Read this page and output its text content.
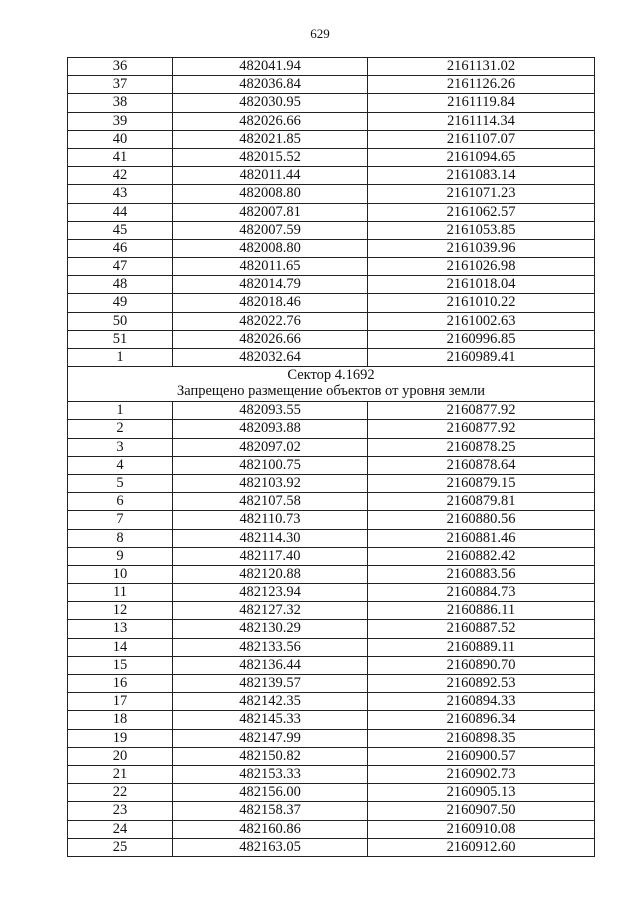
629
36	482041.94	2161131.02
37	482036.84	2161126.26
38	482030.95	2161119.84
39	482026.66	2161114.34
40	482021.85	2161107.07
41	482015.52	2161094.65
42	482011.44	2161083.14
43	482008.80	2161071.23
44	482007.81	2161062.57
45	482007.59	2161053.85
46	482008.80	2161039.96
47	482011.65	2161026.98
48	482014.79	2161018.04
49	482018.46	2161010.22
50	482022.76	2161002.63
51	482026.66	2160996.85
1	482032.64	2160989.41

Сектор 4.1692
Запрещено размещение объектов от уровня земли		

1	482093.55	2160877.92
2	482093.88	2160877.92
3	482097.02	2160878.25
4	482100.75	2160878.64
5	482103.92	2160879.15
6	482107.58	2160879.81
7	482110.73	2160880.56
8	482114.30	2160881.46
9	482117.40	2160882.42
10	482120.88	2160883.56
11	482123.94	2160884.73
12	482127.32	2160886.11
13	482130.29	2160887.52
14	482133.56	2160889.11
15	482136.44	2160890.70
16	482139.57	2160892.53
17	482142.35	2160894.33
18	482145.33	2160896.34
19	482147.99	2160898.35
20	482150.82	2160900.57
21	482153.33	2160902.73
22	482156.00	2160905.13
23	482158.37	2160907.50
24	482160.86	2160910.08
25	482163.05	2160912.60
